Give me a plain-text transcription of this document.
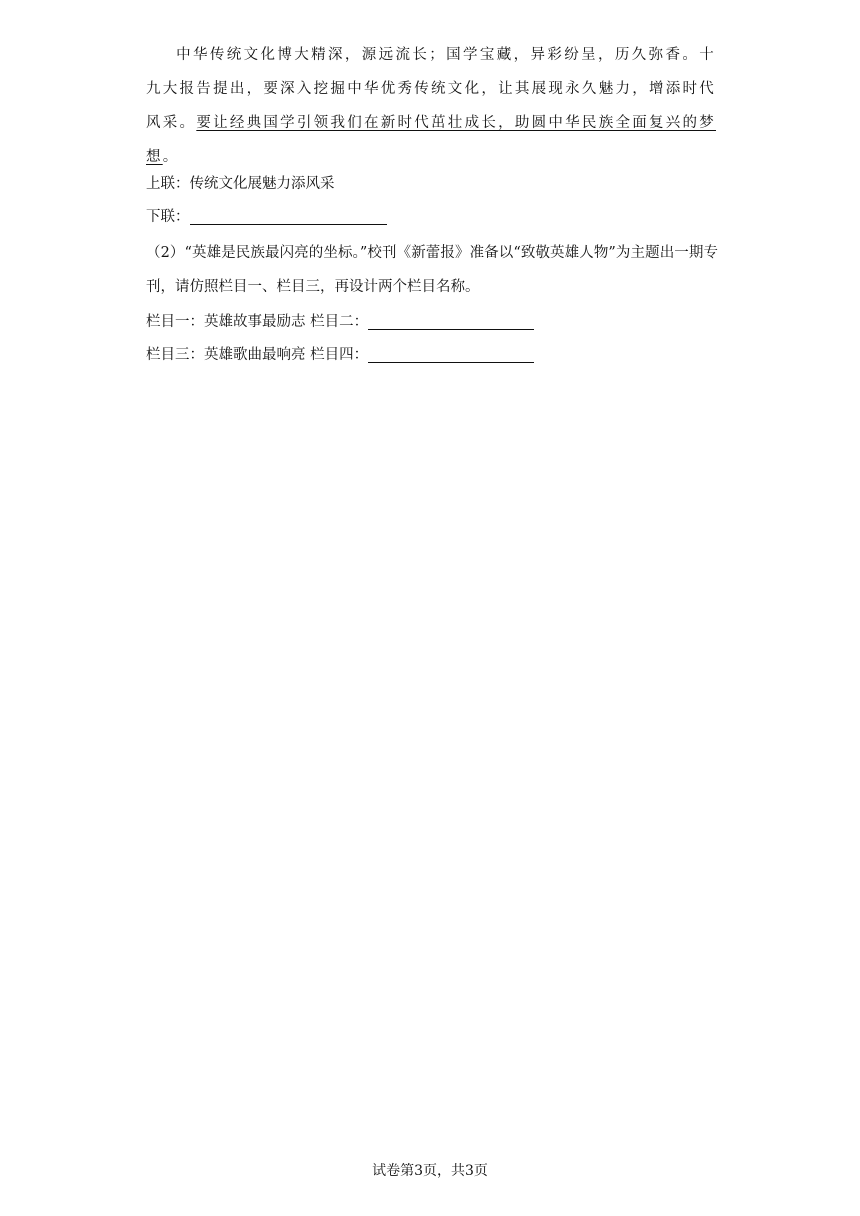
中华传统文化博大精深，源远流长；国学宝藏，异彩纷呈，历久弥香。十九大报告提出，要深入挖掘中华优秀传统文化，让其展现永久魅力，增添时代风采。要让经典国学引领我们在新时代茁壮成长，助圆中华民族全面复兴的梦想。
上联：传统文化展魅力添风采
下联：
（2）“英雄是民族最闪亮的坐标。”校刊《新蕾报》准备以“致敬英雄人物”为主题出一期专刊，请仿照栏目一、栏目三，再设计两个栏目名称。
栏目一：英雄故事最励志 栏目二：
栏目三：英雄歌曲最响亮 栏目四：
试卷第3页，共3页
